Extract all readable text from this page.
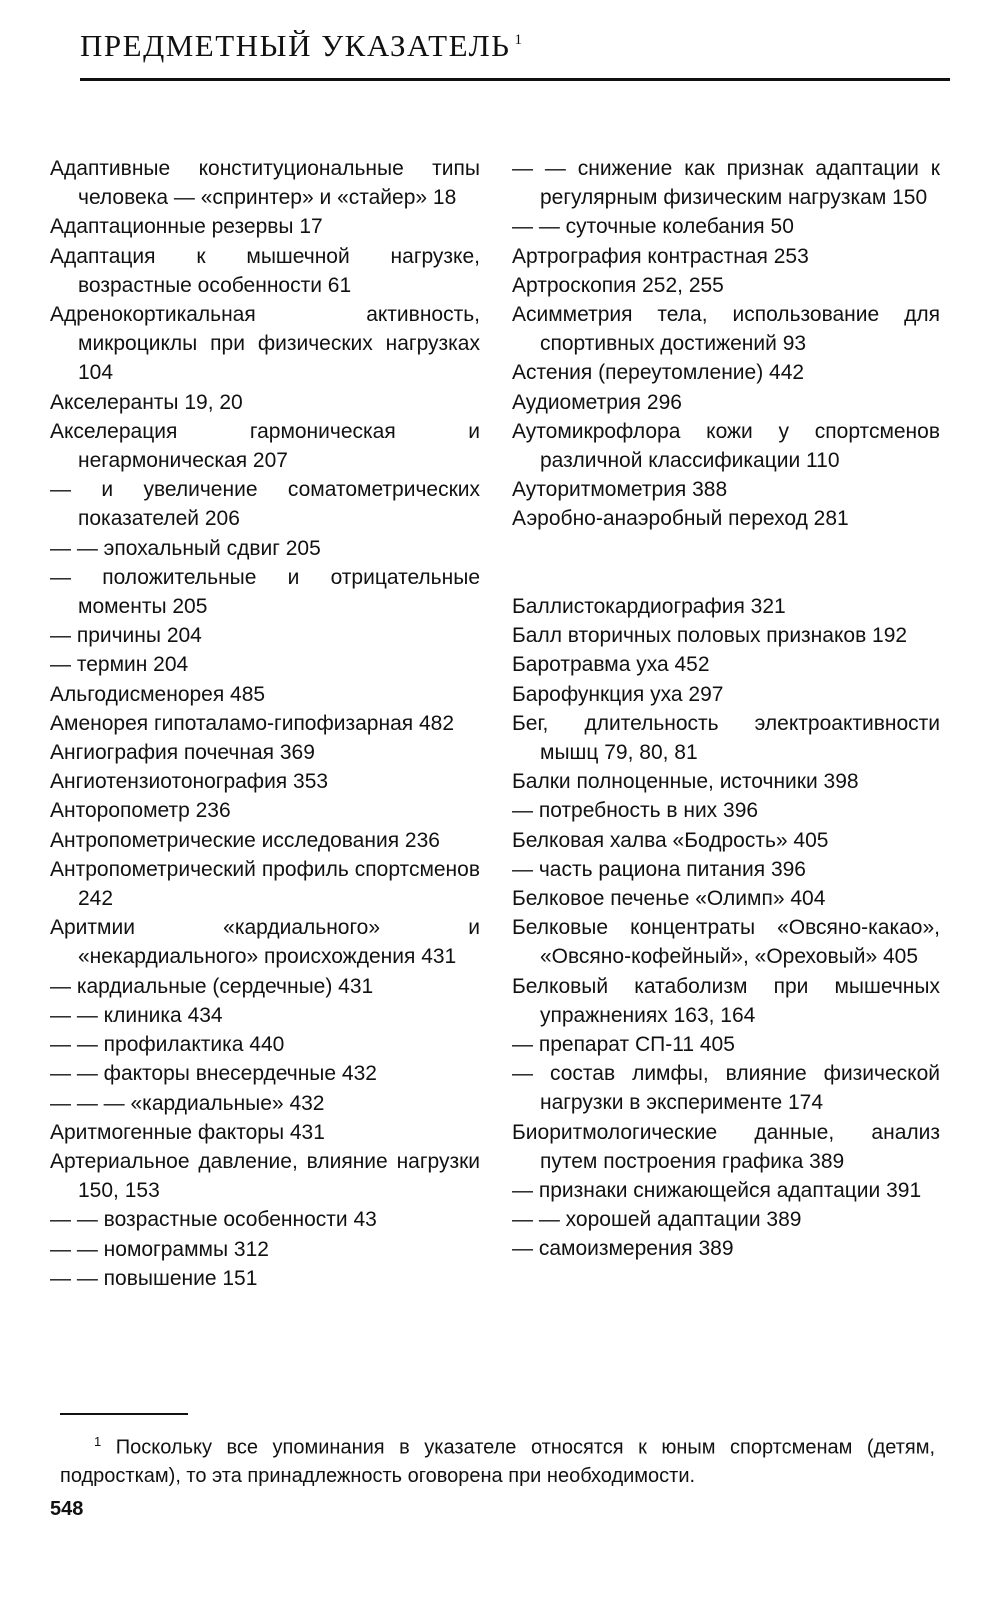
ПРЕДМЕТНЫЙ УКАЗАТЕЛЬ $^1$
Адаптивные конституциональные типы человека — «спринтер» и «стайер» 18
Адаптационные резервы 17
Адаптация к мышечной нагрузке, возрастные особенности 61
Адренокортикальная активность, микроциклы при физических нагрузках 104
Акселеранты 19, 20
Акселерация гармоническая и негармоническая 207
— и увеличение соматометрических показателей 206
— — эпохальный сдвиг 205
— положительные и отрицательные моменты 205
— причины 204
— термин 204
Альгодисменорея 485
Аменорея гипоталамо-гипофизарная 482
Ангиография почечная 369
Ангиотензиотонография 353
Анторопометр 236
Антропометрические исследования 236
Антропометрический профиль спортсменов 242
Аритмии «кардиального» и «некардиального» происхождения 431
— кардиальные (сердечные) 431
— — клиника 434
— — профилактика 440
— — факторы внесердечные 432
— — — «кардиальные» 432
Аритмогенные факторы 431
Артериальное давление, влияние нагрузки 150, 153
— — возрастные особенности 43
— — номограммы 312
— — повышение 151
— — снижение как признак адаптации к регулярным физическим нагрузкам 150
— — суточные колебания 50
Артрография контрастная 253
Артроскопия 252, 255
Асимметрия тела, использование для спортивных достижений 93
Астения (переутомление) 442
Аудиометрия 296
Аутомикрофлора кожи у спортсменов различной классификации 110
Ауторитмометрия 388
Аэробно-анаэробный переход 281
Баллистокардиография 321
Балл вторичных половых признаков 192
Баротравма уха 452
Барофункция уха 297
Бег, длительность электроактивности мышц 79, 80, 81
Балки полноценные, источники 398
— потребность в них 396
Белковая халва «Бодрость» 405
— часть рациона питания 396
Белковое печенье «Олимп» 404
Белковые концентраты «Овсяно-какао», «Овсяно-кофейный», «Ореховый» 405
Белковый катаболизм при мышечных упражнениях 163, 164
— препарат СП-11 405
— состав лимфы, влияние физической нагрузки в эксперименте 174
Биоритмологические данные, анализ путем построения графика 389
— признаки снижающейся адаптации 391
— — хорошей адаптации 389
— самоизмерения 389
$^1$ Поскольку все упоминания в указателе относятся к юным спортсменам (детям, подросткам), то эта принадлежность оговорена при необходимости.
548
